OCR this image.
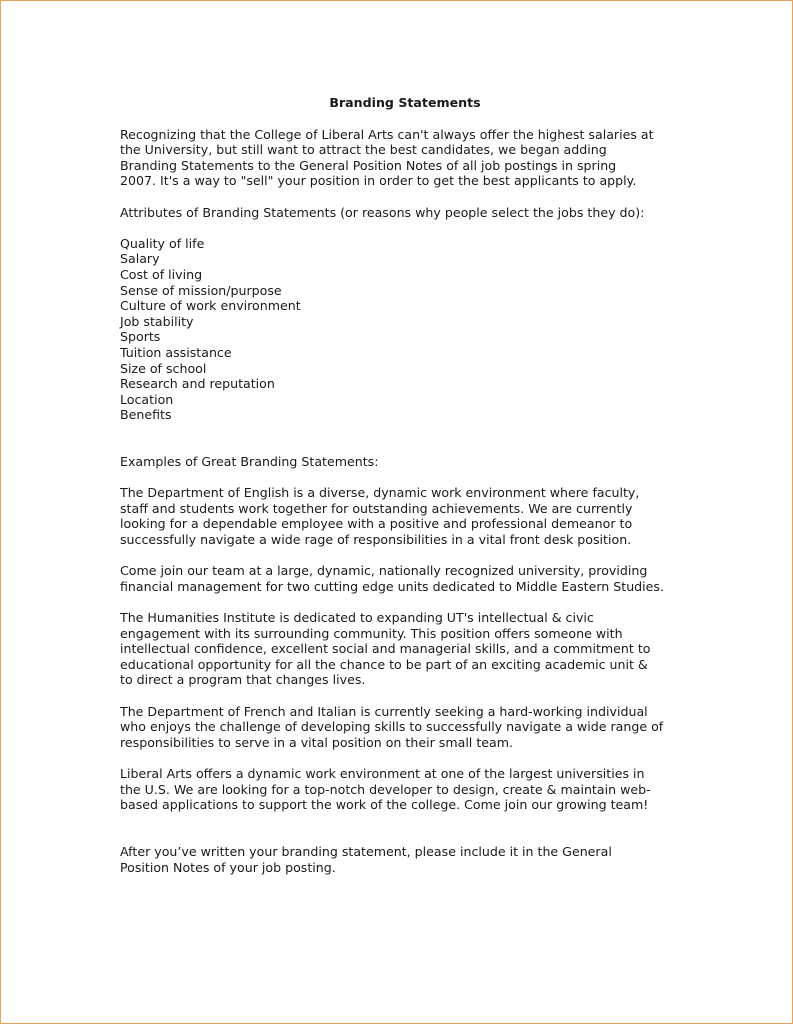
Branding Statements

Recognizing that the College of Liberal Arts can't always offer the highest salaries at
the University, but still want to attract the best candidates, we began adding
Branding Statements to the General Position Notes of all job postings in spring
2007. It's a way to "sell" your position in order to get the best applicants to apply.

Attributes of Branding Statements (or reasons why people select the jobs they do):

Quality of life
Salary
Cost of living
Sense of mission/purpose
Culture of work environment
Job stability
Sports
Tuition assistance
Size of school
Research and reputation
Location
Benefits

Examples of Great Branding Statements:

The Department of English is a diverse, dynamic work environment where faculty,
staff and students work together for outstanding achievements. We are currently
looking for a dependable employee with a positive and professional demeanor to
successfully navigate a wide rage of responsibilities in a vital front desk position.
Come join our team at a large, dynamic, nationally recognized university, providing
financial management for two cutting edge units dedicated to Middle Eastern Studies.
The Humanities Institute is dedicated to expanding UT's intellectual & civic
engagement with its surrounding community. This position offers someone with
intellectual confidence, excellent social and managerial skills, and a commitment to
educational opportunity for all the chance to be part of an exciting academic unit &
to direct a program that changes lives.
The Department of French and Italian is currently seeking a hard-working individual
who enjoys the challenge of developing skills to successfully navigate a wide range of
responsibilities to serve in a vital position on their small team.
Liberal Arts offers a dynamic work environment at one of the largest universities in
the U.S. We are looking for a top-notch developer to design, create & maintain web-
based applications to support the work of the college. Come join our growing team!
After you’ve written your branding statement, please include it in the General
Position Notes of your job posting.
